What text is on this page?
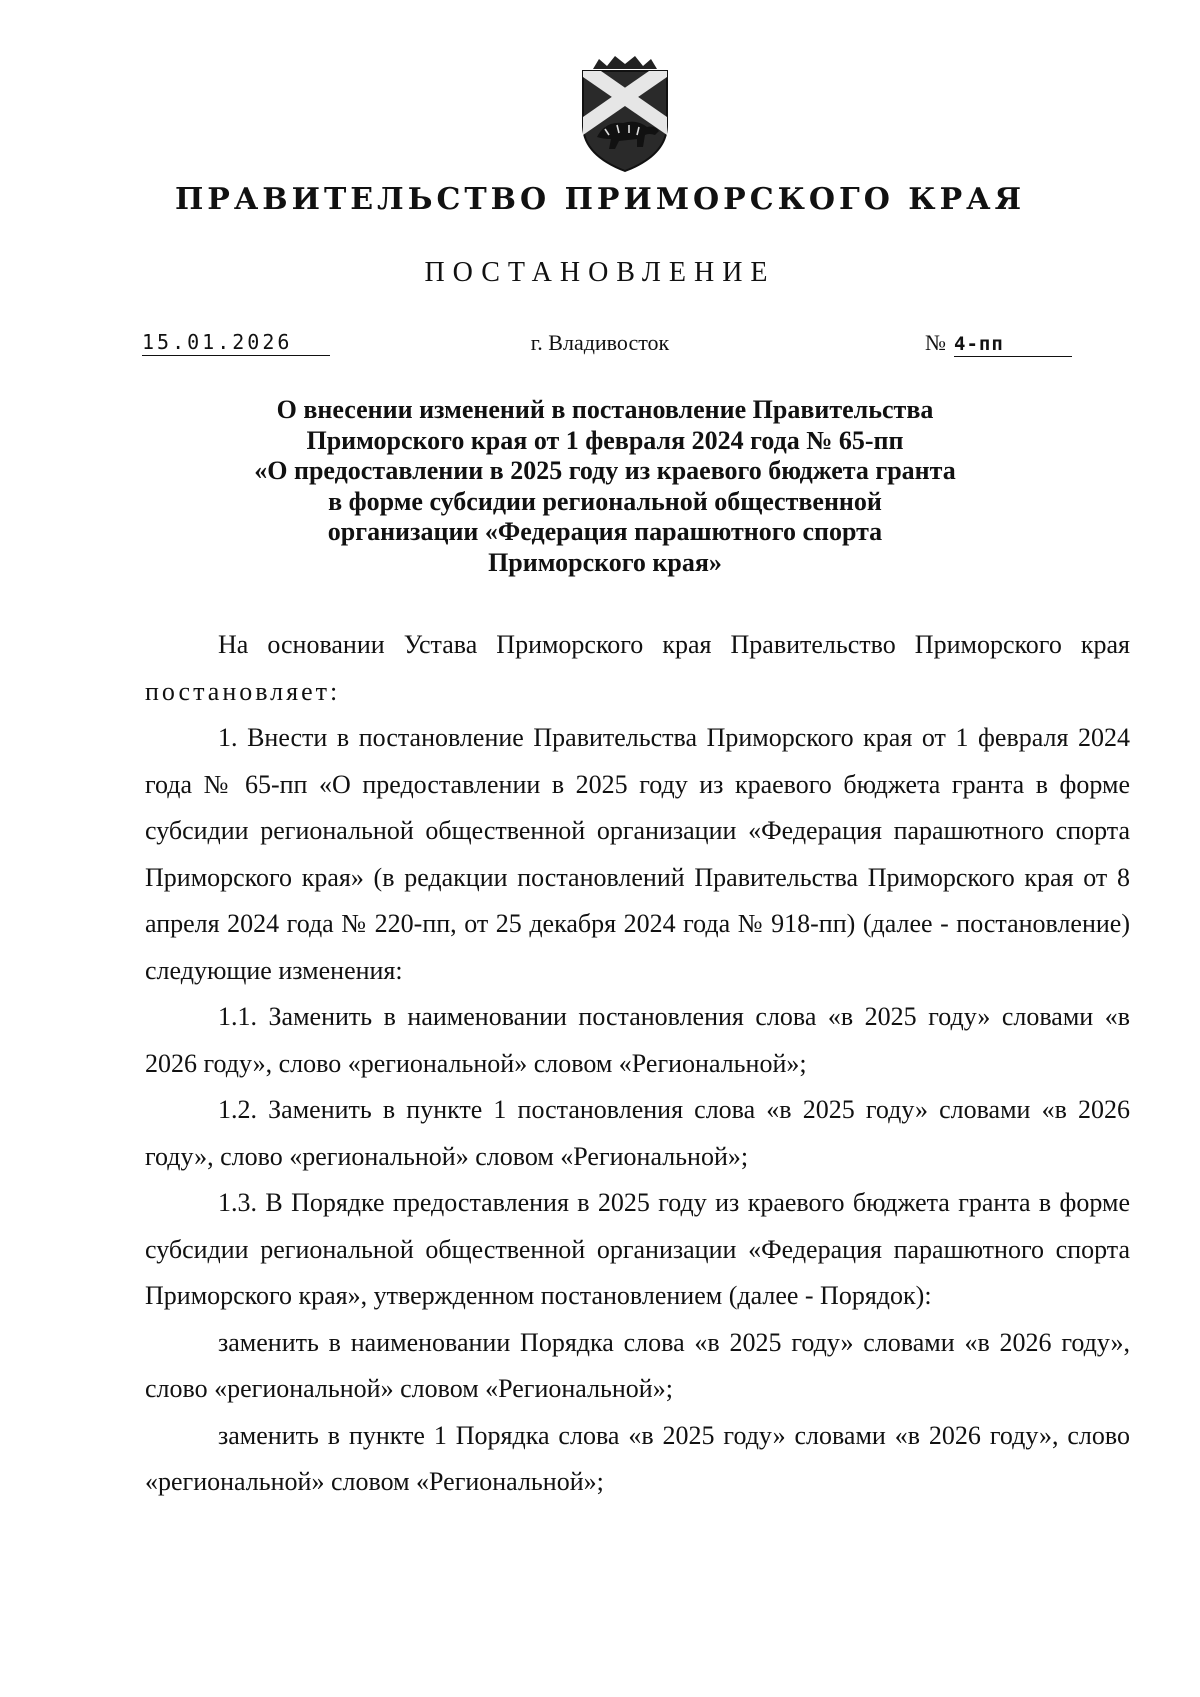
ПРАВИТЕЛЬСТВО ПРИМОРСКОГО КРАЯ
ПОСТАНОВЛЕНИЕ
15.01.2026	г. Владивосток	№ 4-пп
О внесении изменений в постановление Правительства
Приморского края от 1 февраля 2024 года № 65-пп
«О предоставлении в 2025 году из краевого бюджета гранта
в форме субсидии региональной общественной
организации «Федерация парашютного спорта
Приморского края»

На основании Устава Приморского края Правительство Приморского края постановляет:

1. Внести в постановление Правительства Приморского края от 1 февраля 2024 года № 65-пп «О предоставлении в 2025 году из краевого бюджета гранта в форме субсидии региональной общественной организации «Федерация парашютного спорта Приморского края» (в редакции постановлений Правительства Приморского края от 8 апреля 2024 года № 220-пп, от 25 декабря 2024 года № 918-пп) (далее - постановление) следующие изменения:

1.1. Заменить в наименовании постановления слова «в 2025 году» словами «в 2026 году», слово «региональной» словом «Региональной»;

1.2. Заменить в пункте 1 постановления слова «в 2025 году» словами «в 2026 году», слово «региональной» словом «Региональной»;

1.3. В Порядке предоставления в 2025 году из краевого бюджета гранта в форме субсидии региональной общественной организации «Федерация парашютного спорта Приморского края», утвержденном постановлением (далее - Порядок):

заменить в наименовании Порядка слова «в 2025 году» словами «в 2026 году», слово «региональной» словом «Региональной»;

заменить в пункте 1 Порядка слова «в 2025 году» словами «в 2026 году», слово «региональной» словом «Региональной»;
